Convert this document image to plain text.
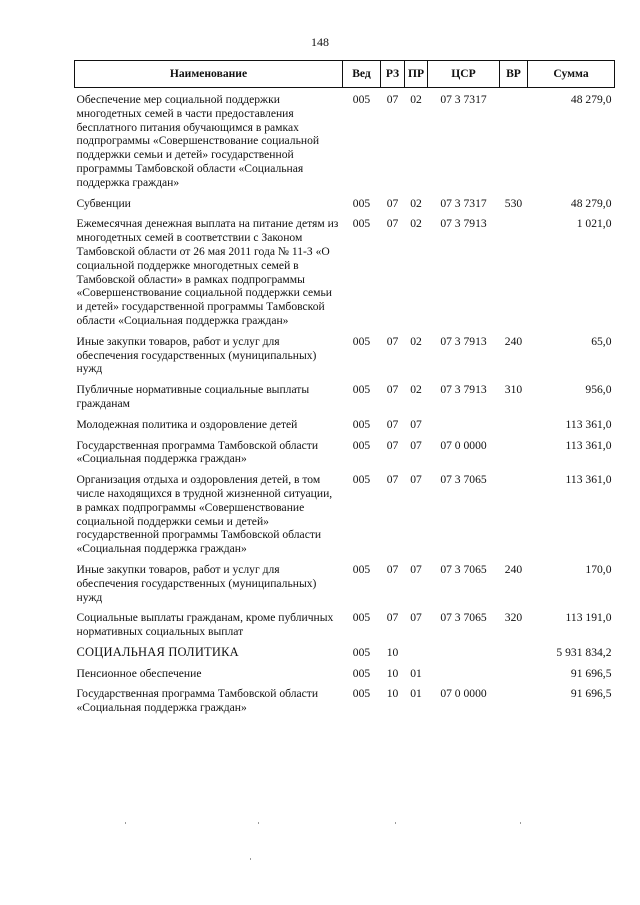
148
Наименование	Вед	РЗ	ПР	ЦСР	ВР	Сумма
Обеспечение мер социальной поддержки многодетных семей в части предоставления бесплатного питания обучающимся в рамках подпрограммы «Совершенствование социальной поддержки семьи и детей» государственной программы Тамбовской области «Социальная поддержка граждан»	005	07	02	07 3 7317		48 279,0
Субвенции	005	07	02	07 3 7317	530	48 279,0
Ежемесячная денежная выплата на питание детям из многодетных семей в соответствии с Законом Тамбовской области от 26 мая 2011 года № 11-З «О социальной поддержке многодетных семей в Тамбовской области» в рамках подпрограммы «Совершенствование социальной поддержки семьи и детей» государственной программы Тамбовской области «Социальная поддержка граждан»	005	07	02	07 3 7913		1 021,0
Иные закупки товаров, работ и услуг для обеспечения государственных (муниципальных) нужд	005	07	02	07 3 7913	240	65,0
Публичные нормативные социальные выплаты гражданам	005	07	02	07 3 7913	310	956,0
Молодежная политика и оздоровление детей	005	07	07			113 361,0
Государственная программа Тамбовской области «Социальная поддержка граждан»	005	07	07	07 0 0000		113 361,0
Организация отдыха и оздоровления детей, в том числе находящихся в трудной жизненной ситуации, в рамках подпрограммы «Совершенствование социальной поддержки семьи и детей» государственной программы Тамбовской области «Социальная поддержка граждан»	005	07	07	07 3 7065		113 361,0
Иные закупки товаров, работ и услуг для обеспечения государственных (муниципальных) нужд	005	07	07	07 3 7065	240	170,0
Социальные выплаты гражданам, кроме публичных нормативных социальных выплат	005	07	07	07 3 7065	320	113 191,0
СОЦИАЛЬНАЯ ПОЛИТИКА	005	10				5 931 834,2
Пенсионное обеспечение	005	10	01			91 696,5
Государственная программа Тамбовской области «Социальная поддержка граждан»	005	10	01	07 0 0000		91 696,5
